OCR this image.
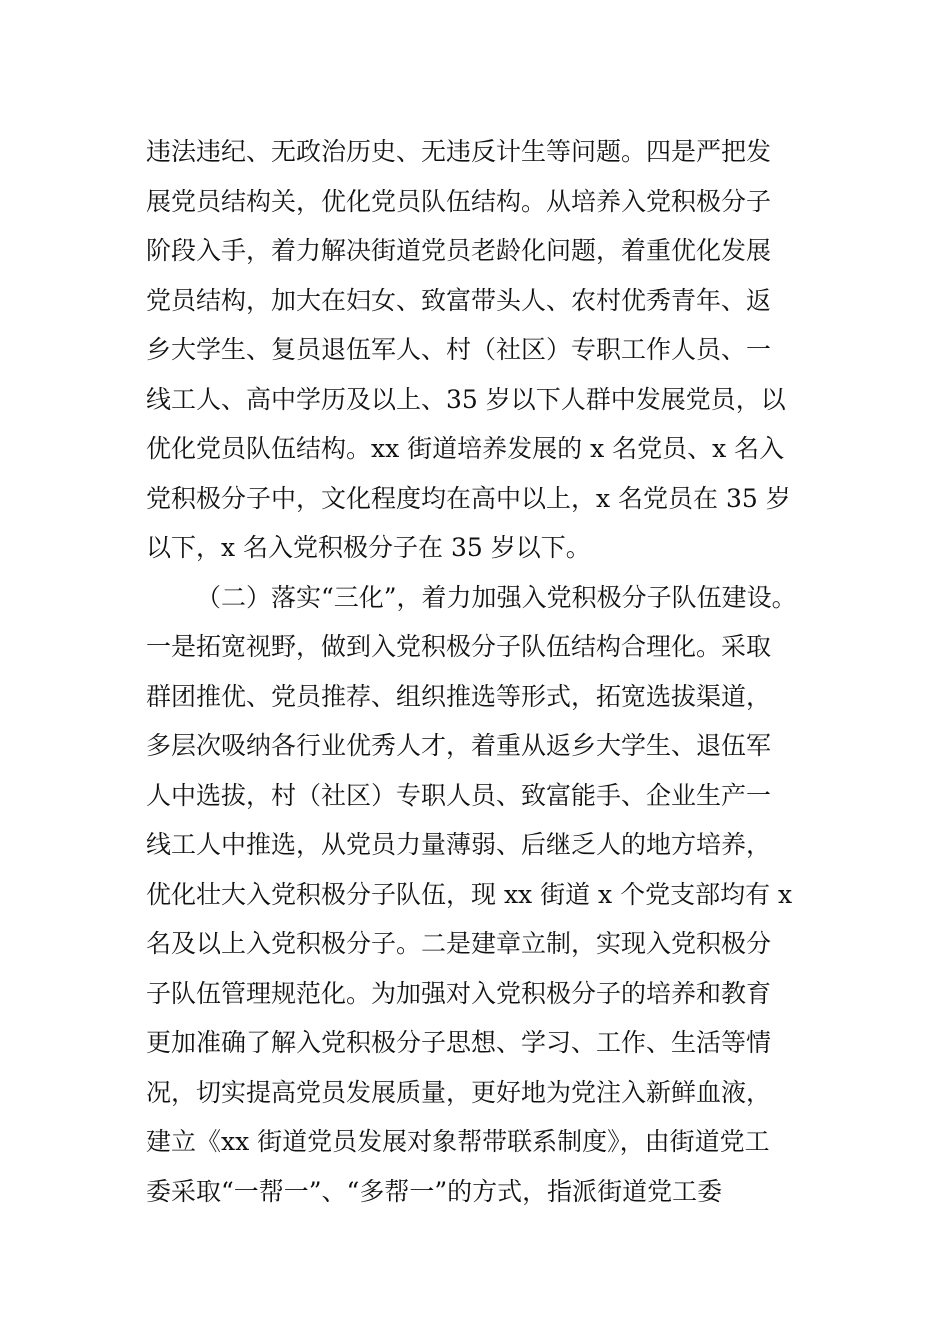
违法违纪、无政治历史、无违反计生等问题。四是严把发
展党员结构关，优化党员队伍结构。从培养入党积极分子
阶段入手，着力解决街道党员老龄化问题，着重优化发展
党员结构，加大在妇女、致富带头人、农村优秀青年、返
乡大学生、复员退伍军人、村（社区）专职工作人员、一
线工人、高中学历及以上、35 岁以下人群中发展党员，以
优化党员队伍结构。xx 街道培养发展的 x 名党员、x 名入
党积极分子中，文化程度均在高中以上，x 名党员在 35 岁
以下，x 名入党积极分子在 35 岁以下。
（二）落实“三化”，着力加强入党积极分子队伍建设。
一是拓宽视野，做到入党积极分子队伍结构合理化。采取
群团推优、党员推荐、组织推选等形式，拓宽选拔渠道，
多层次吸纳各行业优秀人才，着重从返乡大学生、退伍军
人中选拔，村（社区）专职人员、致富能手、企业生产一
线工人中推选，从党员力量薄弱、后继乏人的地方培养，
优化壮大入党积极分子队伍，现 xx 街道 x 个党支部均有 x
名及以上入党积极分子。二是建章立制，实现入党积极分
子队伍管理规范化。为加强对入党积极分子的培养和教育
更加准确了解入党积极分子思想、学习、工作、生活等情
况，切实提高党员发展质量，更好地为党注入新鲜血液，
建立《xx 街道党员发展对象帮带联系制度》，由街道党工
委采取“一帮一”、“多帮一”的方式，指派街道党工委
